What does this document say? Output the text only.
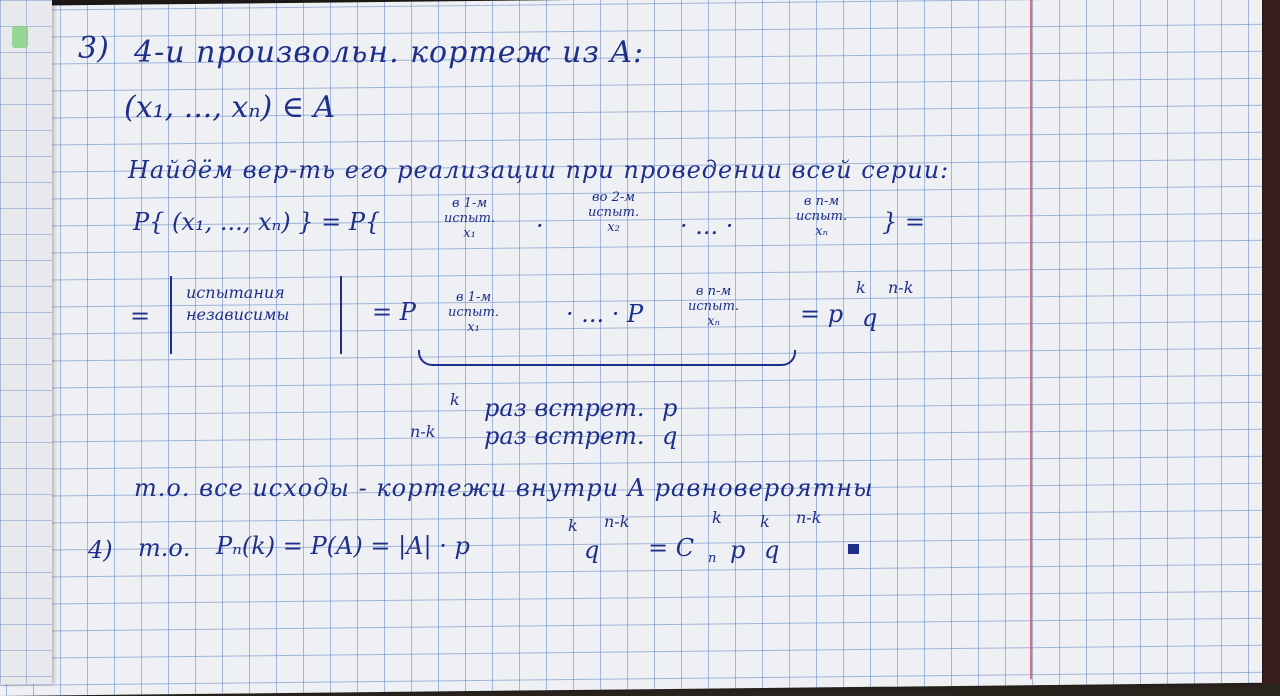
3) 4-и произвольн. кортеж из A:
(x₁, ..., xₙ) ∈ A
Найдём вер-ть его реализации при проведении всей серии:
P{ (x₁, ..., xₙ) } = P{
в 1-м
испыт.
x₁	·
во 2-м
испыт.
x₂	· ... ·
в n-м
испыт.
xₙ } =
=
испытания
независимы	= P
в 1-м
испыт.
x₁	· ... · P
в n-м
испыт.
xₙ	= p q
k n-k
k раз встрет. p
n-k раз встрет. q
т.о. все исходы - кортежи внутри A равновероятны
4) т.о. Pₙ(k) = P(A) = |A| · p
k
q
n-k
= C n
k
p
k
q
n-k
